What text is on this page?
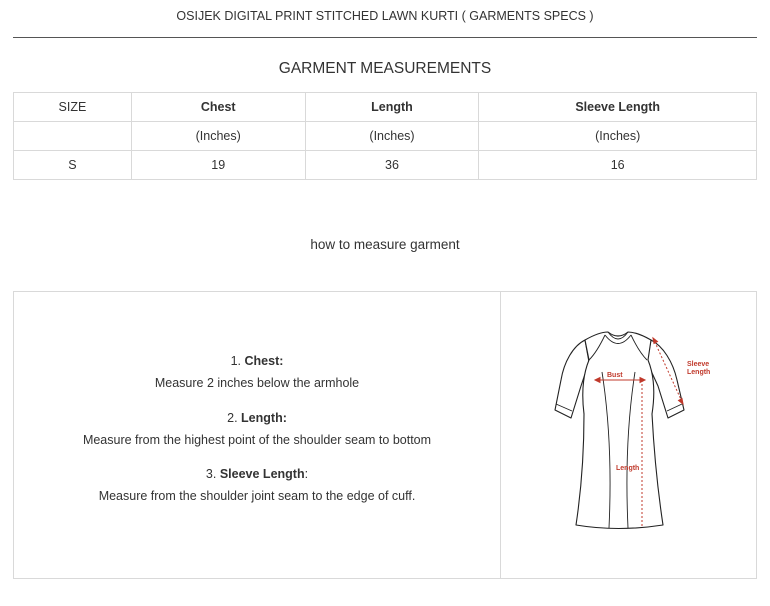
OSIJEK DIGITAL PRINT STITCHED LAWN KURTI ( GARMENTS SPECS )
GARMENT MEASUREMENTS
SIZE	Chest	Length	Sleeve Length
	(Inches)	(Inches)	(Inches)
S	19	36	16
how to measure garment
1. Chest:
Measure 2 inches below the armhole
2. Length:
Measure from the highest point of the shoulder seam to bottom
3. Sleeve Length:
Measure from the shoulder joint seam to the edge of cuff.
Bust
Length
Sleeve
Length
